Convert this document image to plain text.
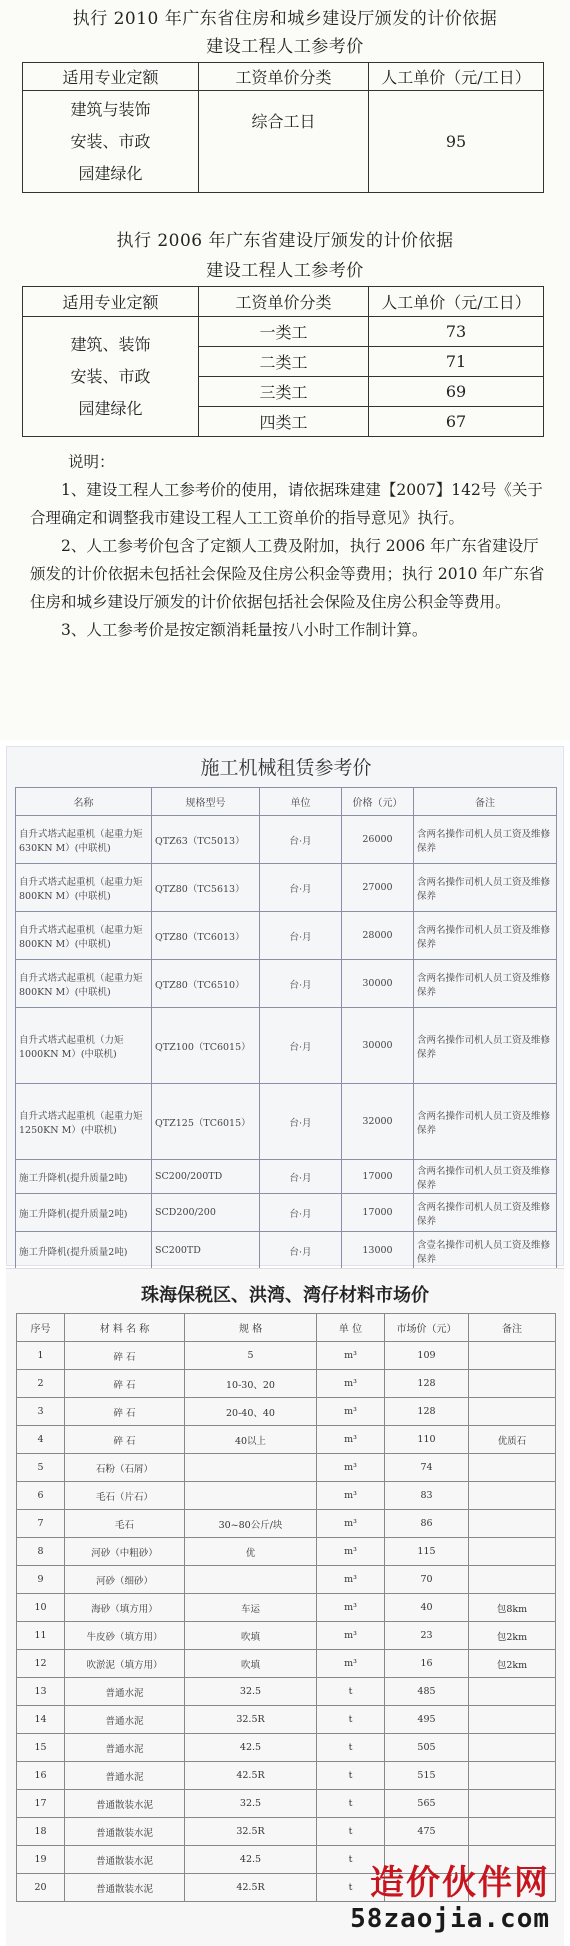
执行 2010 年广东省住房和城乡建设厅颁发的计价依据
建设工程人工参考价
适用专业定额	工资单价分类	人工单价（元/工日）

建筑与装饰
安装、市政
园建绿化	综合工日	95
执行 2006 年广东省建设厅颁发的计价依据
建设工程人工参考价
适用专业定额	工资单价分类	人工单价（元/工日）

建筑、装饰
安装、市政
园建绿化	一类工	73
	二类工	71
	三类工	69
	四类工	67

说明：

1、建设工程人工参考价的使用，请依据珠建建【2007】142号《关于合理确定和调整我市建设工程人工工资单价的指导意见》执行。

2、人工参考价包含了定额人工费及附加，执行 2006 年广东省建设厅颁发的计价依据未包括社会保险及住房公积金等费用；执行 2010 年广东省住房和城乡建设厅颁发的计价依据包括社会保险及住房公积金等费用。

3、人工参考价是按定额消耗量按八小时工作制计算。

施工机械租赁参考价
名称	规格型号	单位	价格（元）	备注
自升式塔式起重机（起重力矩630KN M）(中联机)	QTZ63（TC5013）	台·月	26000	含两名操作司机人员工资及维修保养
自升式塔式起重机（起重力矩800KN M）(中联机)	QTZ80（TC5613）	台·月	27000	含两名操作司机人员工资及维修保养
自升式塔式起重机（起重力矩800KN M）(中联机)	QTZ80（TC6013）	台·月	28000	含两名操作司机人员工资及维修保养
自升式塔式起重机（起重力矩800KN M）(中联机)	QTZ80（TC6510）	台·月	30000	含两名操作司机人员工资及维修保养
自升式塔式起重机（力矩1000KN M）(中联机)	QTZ100（TC6015）	台·月	30000	含两名操作司机人员工资及维修保养
自升式塔式起重机（起重力矩1250KN M）(中联机)	QTZ125（TC6015）	台·月	32000	含两名操作司机人员工资及维修保养
施工升降机(提升质量2吨)	SC200/200TD	台·月	17000	含两名操作司机人员工资及维修保养
施工升降机(提升质量2吨)	SCD200/200	台·月	17000	含两名操作司机人员工资及维修保养
施工升降机(提升质量2吨)	SC200TD	台·月	13000	含壹名操作司机人员工资及维修保养
珠海保税区、洪湾、湾仔材料市场价
序号	材 料 名 称	规 格	单 位	市场价（元）	备注
1	碎 石	5	m³	109	
2	碎 石	10-30、20	m³	128	
3	碎 石	20-40、40	m³	128	
4	碎 石	40以上	m³	110	优质石
5	石粉（石屑）		m³	74	
6	毛石（片石）		m³	83	
7	毛石	30~80公斤/块	m³	86	
8	河砂（中粗砂）	优	m³	115	
9	河砂（细砂）		m³	70	
10	海砂（填方用）	车运	m³	40	包8km
11	牛皮砂（填方用）	吹填	m³	23	包2km
12	吹淤泥（填方用）	吹填	m³	16	包2km
13	普通水泥	32.5	t	485	
14	普通水泥	32.5R	t	495	
15	普通水泥	42.5	t	505	
16	普通水泥	42.5R	t	515	
17	普通散装水泥	32.5	t	565	
18	普通散装水泥	32.5R	t	475	
19	普通散装水泥	42.5	t		
20	普通散装水泥	42.5R	t		造价伙伴网
58zaojia.com
